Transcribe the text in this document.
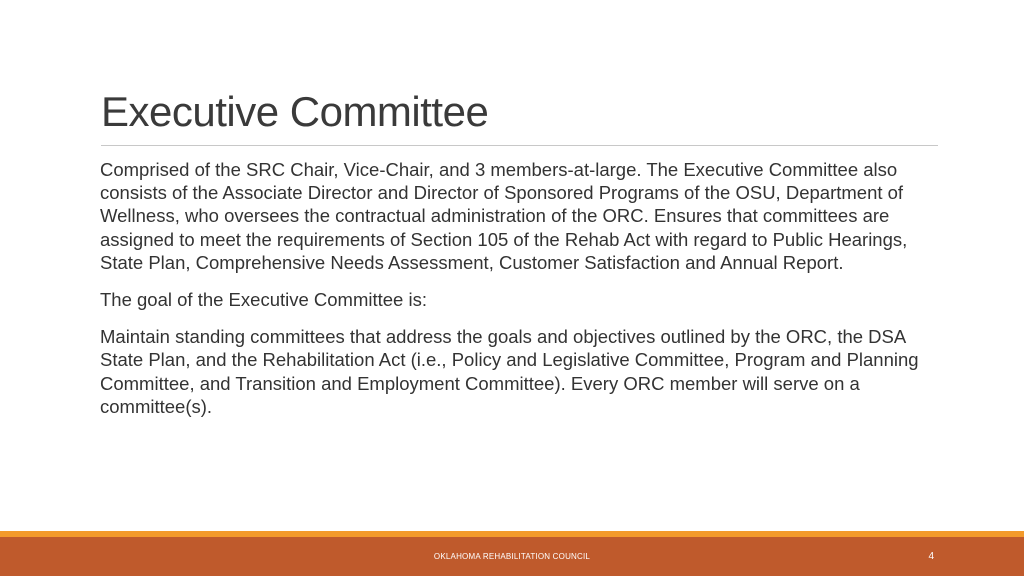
Executive Committee

Comprised of the SRC Chair, Vice-Chair, and 3 members-at-large. The Executive Committee also consists of the Associate Director and Director of Sponsored Programs of the OSU, Department of Wellness, who oversees the contractual administration of the ORC. Ensures that committees are assigned to meet the requirements of Section 105 of the Rehab Act with regard to Public Hearings, State Plan, Comprehensive Needs Assessment, Customer Satisfaction and Annual Report.

The goal of the Executive Committee is:

Maintain standing committees that address the goals and objectives outlined by the ORC, the DSA State Plan, and the Rehabilitation Act (i.e., Policy and Legislative Committee, Program and Planning Committee, and Transition and Employment Committee). Every ORC member will serve on a committee(s).

OKLAHOMA REHABILITATION COUNCIL	4
